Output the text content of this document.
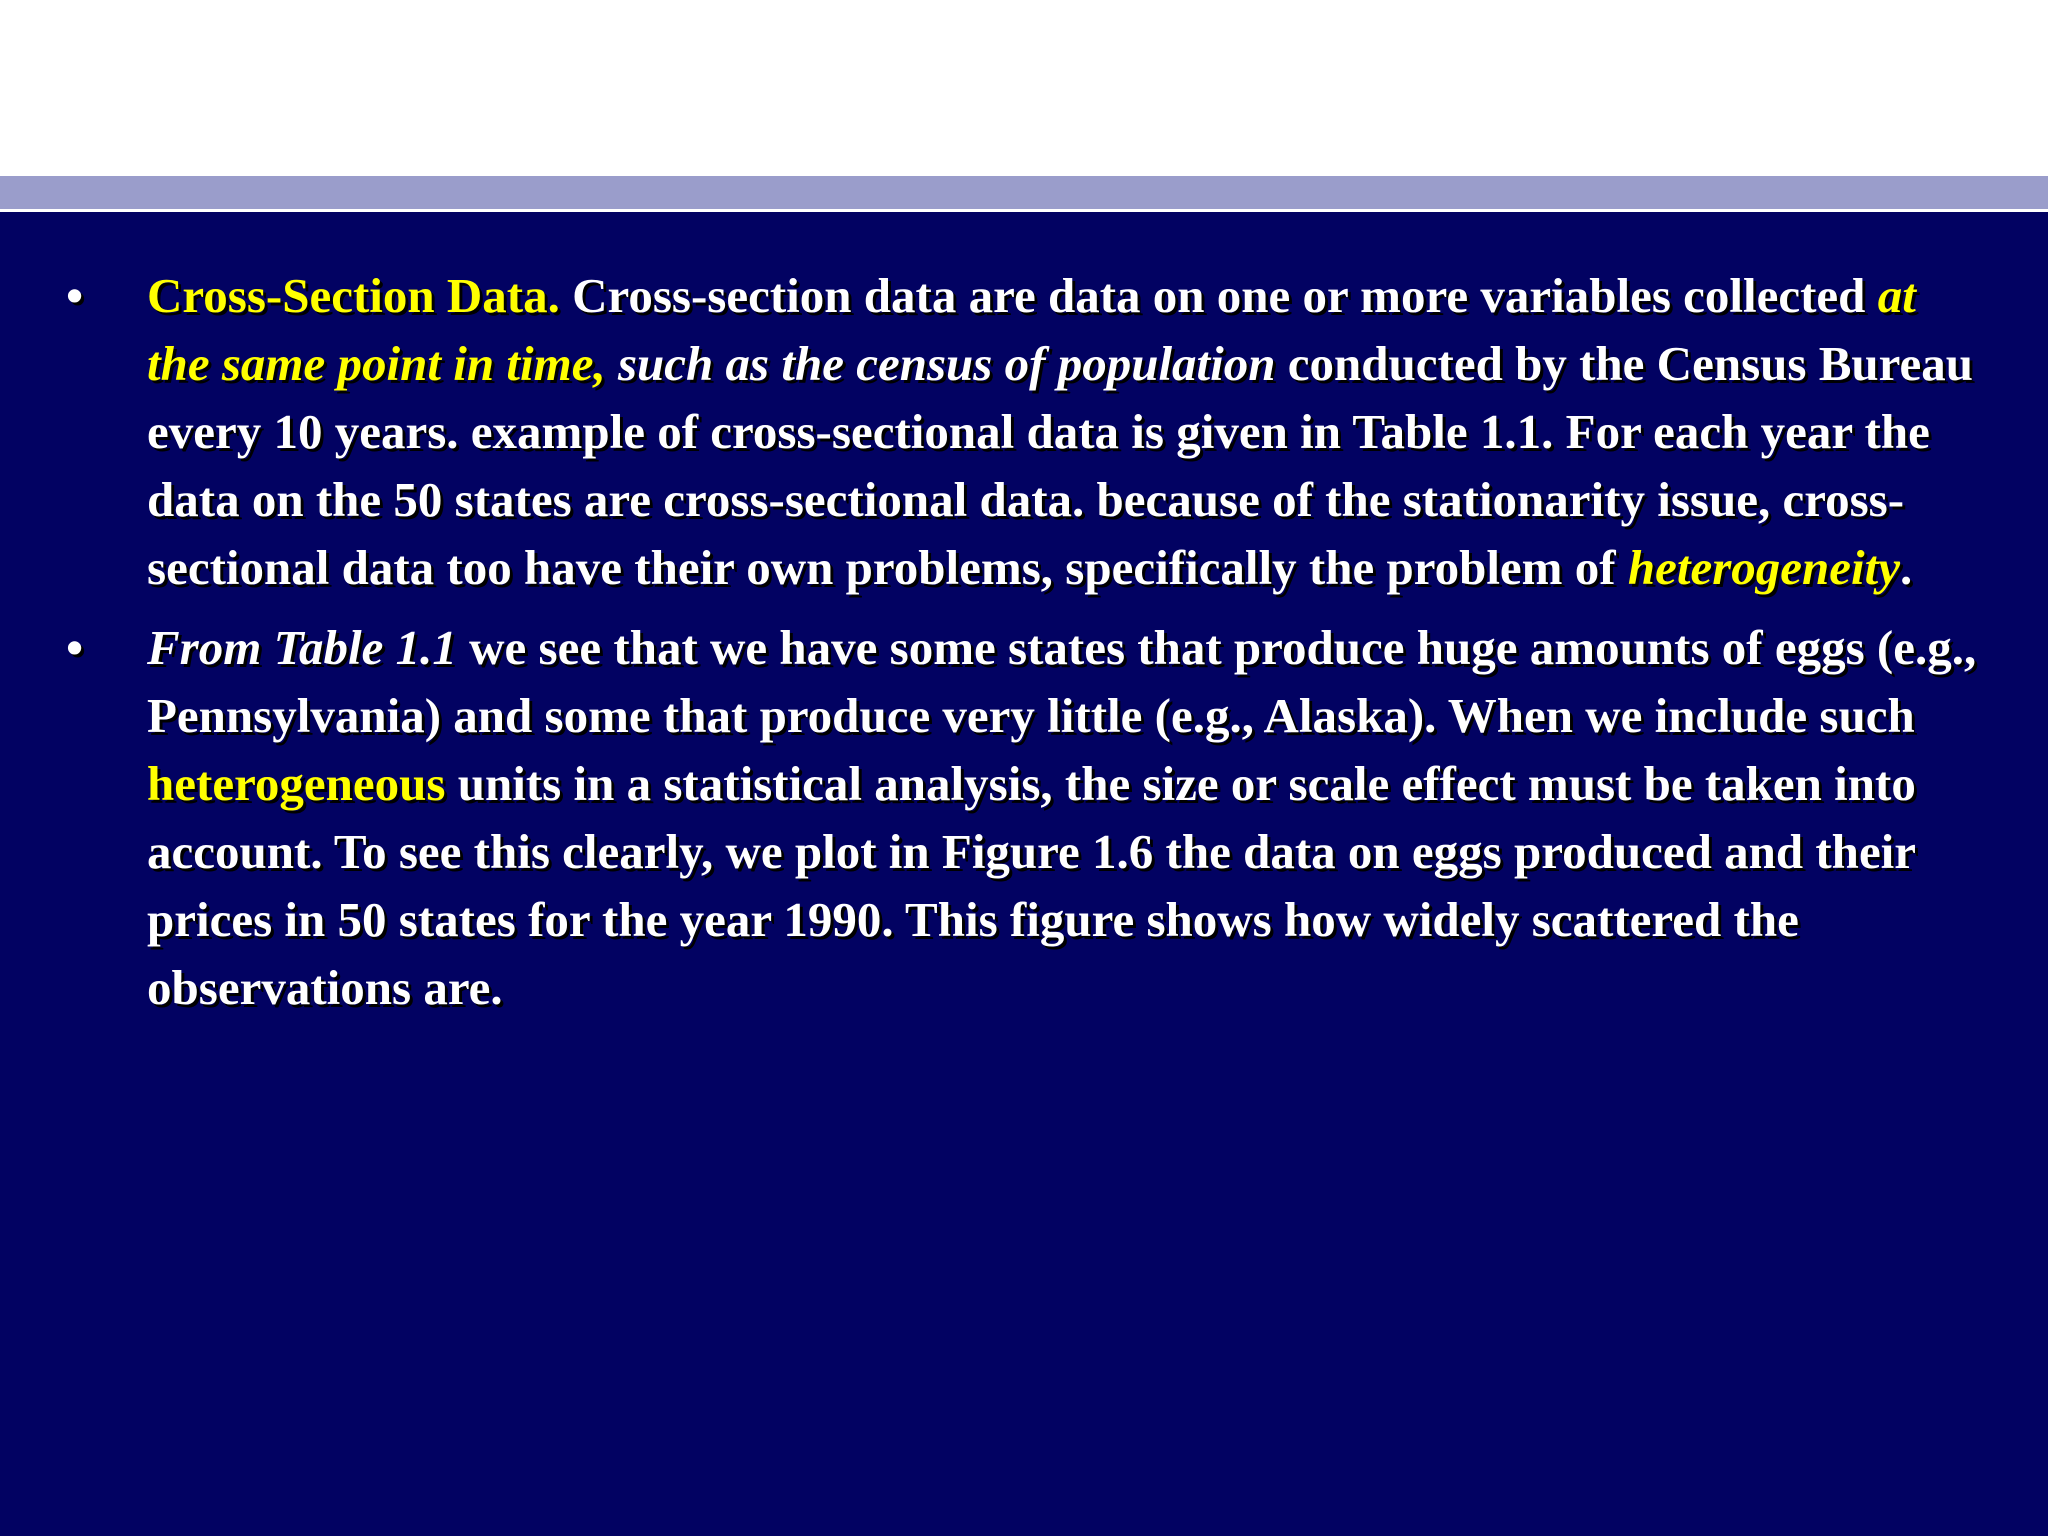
• Cross-Section Data. Cross-section data are data on one or more variables collected at the same point in time, such as the census of population conducted by the Census Bureau every 10 years. example of cross-sectional data is given in Table 1.1. For each year the data on the 50 states are cross-sectional data. because of the stationarity issue, cross-sectional data too have their own problems, specifically the problem of heterogeneity.
• From Table 1.1 we see that we have some states that produce huge amounts of eggs (e.g., Pennsylvania) and some that produce very little (e.g., Alaska). When we include such heterogeneous units in a statistical analysis, the size or scale effect must be taken into account. To see this clearly, we plot in Figure 1.6 the data on eggs produced and their prices in 50 states for the year 1990. This figure shows how widely scattered the observations are.
